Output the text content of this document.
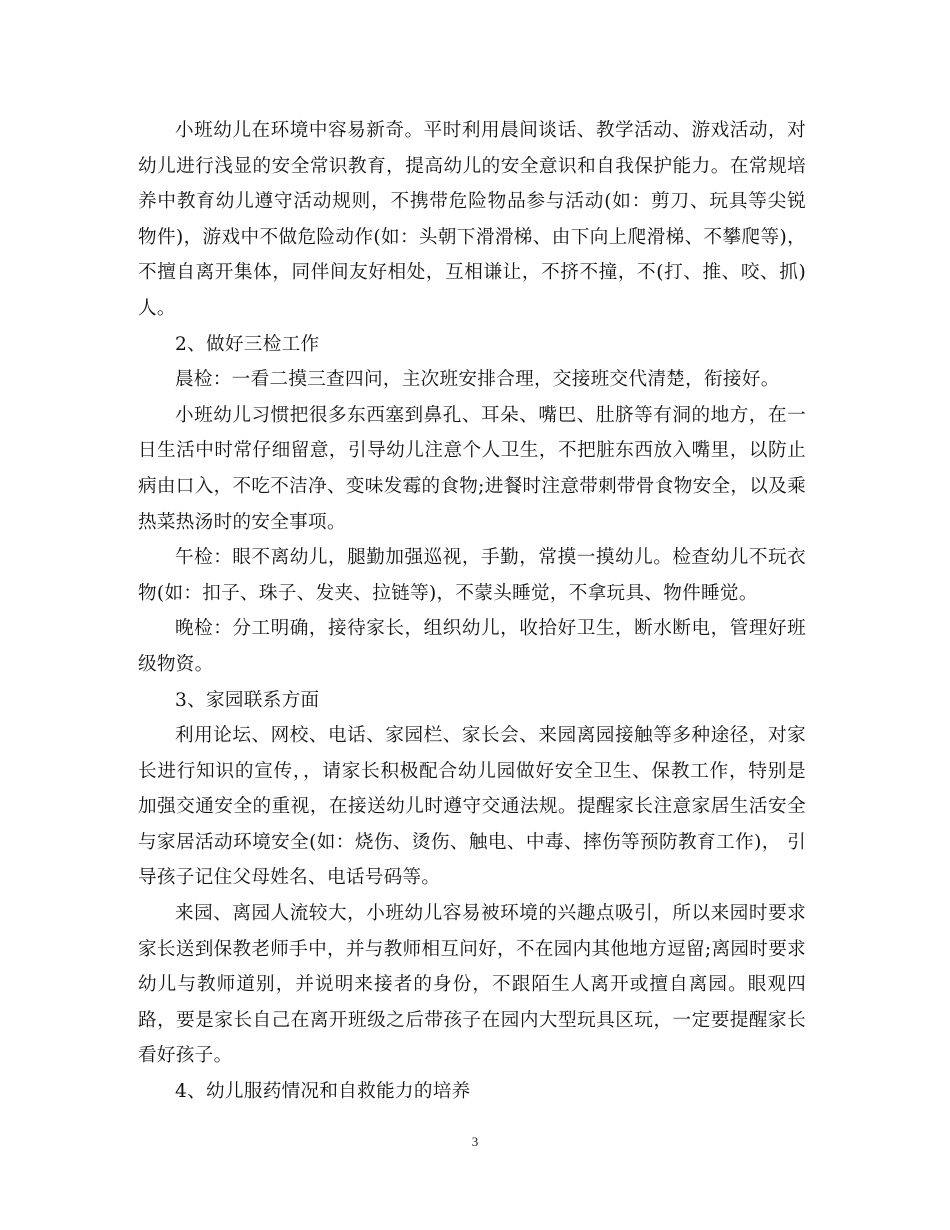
小班幼儿在环境中容易新奇。平时利用晨间谈话、教学活动、游戏活动，对幼儿进行浅显的安全常识教育，提高幼儿的安全意识和自我保护能力。在常规培养中教育幼儿遵守活动规则，不携带危险物品参与活动(如：剪刀、玩具等尖锐物件)，游戏中不做危险动作(如：头朝下滑滑梯、由下向上爬滑梯、不攀爬等)，不擅自离开集体，同伴间友好相处，互相谦让，不挤不撞，不(打、推、咬、抓)人。

2、做好三检工作

晨检：一看二摸三查四问，主次班安排合理，交接班交代清楚，衔接好。

小班幼儿习惯把很多东西塞到鼻孔、耳朵、嘴巴、肚脐等有洞的地方，在一日生活中时常仔细留意，引导幼儿注意个人卫生，不把脏东西放入嘴里，以防止病由口入，不吃不洁净、变味发霉的食物;进餐时注意带刺带骨食物安全，以及乘热菜热汤时的安全事项。

午检：眼不离幼儿，腿勤加强巡视，手勤，常摸一摸幼儿。检查幼儿不玩衣物(如：扣子、珠子、发夹、拉链等)，不蒙头睡觉，不拿玩具、物件睡觉。

晚检：分工明确，接待家长，组织幼儿，收拾好卫生，断水断电，管理好班级物资。

3、家园联系方面

利用论坛、网校、电话、家园栏、家长会、来园离园接触等多种途径，对家长进行知识的宣传，，请家长积极配合幼儿园做好安全卫生、保教工作，特别是加强交通安全的重视，在接送幼儿时遵守交通法规。提醒家长注意家居生活安全与家居活动环境安全(如：烧伤、烫伤、触电、中毒、摔伤等预防教育工作)， 引导孩子记住父母姓名、电话号码等。

来园、离园人流较大，小班幼儿容易被环境的兴趣点吸引，所以来园时要求家长送到保教老师手中，并与教师相互问好，不在园内其他地方逗留;离园时要求幼儿与教师道别，并说明来接者的身份，不跟陌生人离开或擅自离园。眼观四路，要是家长自己在离开班级之后带孩子在园内大型玩具区玩，一定要提醒家长看好孩子。

4、幼儿服药情况和自救能力的培养

3
